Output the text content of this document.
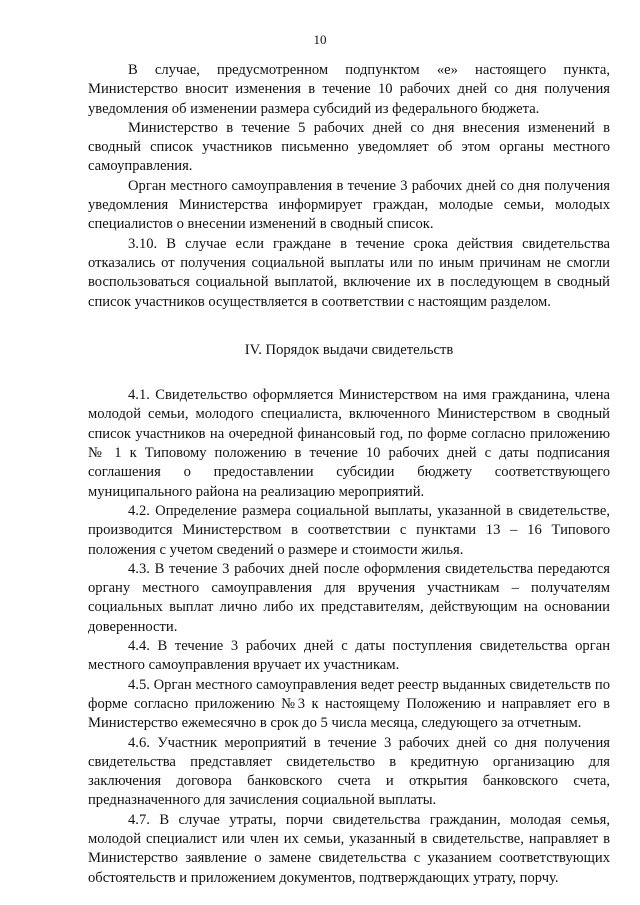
10

В случае, предусмотренном подпунктом «е» настоящего пункта, Министерство вносит изменения в течение 10 рабочих дней со дня получения уведомления об изменении размера субсидий из федерального бюджета.

Министерство в течение 5 рабочих дней со дня внесения изменений в сводный список участников письменно уведомляет об этом органы местного самоуправления.

Орган местного самоуправления в течение 3 рабочих дней со дня получения уведомления Министерства информирует граждан, молодые семьи, молодых специалистов о внесении изменений в сводный список.

3.10. В случае если граждане в течение срока действия свидетельства отказались от получения социальной выплаты или по иным причинам не смогли воспользоваться социальной выплатой, включение их в последующем в сводный список участников осуществляется в соответствии с настоящим разделом.

IV. Порядок выдачи свидетельств

4.1. Свидетельство оформляется Министерством на имя гражданина, члена молодой семьи, молодого специалиста, включенного Министерством в сводный список участников на очередной финансовый год, по форме согласно приложению № 1 к Типовому положению в течение 10 рабочих дней с даты подписания соглашения о предоставлении субсидии бюджету соответствующего муниципального района на реализацию мероприятий.

4.2. Определение размера социальной выплаты, указанной в свидетельстве, производится Министерством в соответствии с пунктами 13 – 16 Типового положения с учетом сведений о размере и стоимости жилья.

4.3. В течение 3 рабочих дней после оформления свидетельства передаются органу местного самоуправления для вручения участникам – получателям социальных выплат лично либо их представителям, действующим на основании доверенности.

4.4. В течение 3 рабочих дней с даты поступления свидетельства орган местного самоуправления вручает их участникам.

4.5. Орган местного самоуправления ведет реестр выданных свидетельств по форме согласно приложению №3 к настоящему Положению и направляет его в Министерство ежемесячно в срок до 5 числа месяца, следующего за отчетным.

4.6. Участник мероприятий в течение 3 рабочих дней со дня получения свидетельства представляет свидетельство в кредитную организацию для заключения договора банковского счета и открытия банковского счета, предназначенного для зачисления социальной выплаты.

4.7. В случае утраты, порчи свидетельства гражданин, молодая семья, молодой специалист или член их семьи, указанный в свидетельстве, направляет в Министерство заявление о замене свидетельства с указанием соответствующих обстоятельств и приложением документов, подтверждающих утрату, порчу.
